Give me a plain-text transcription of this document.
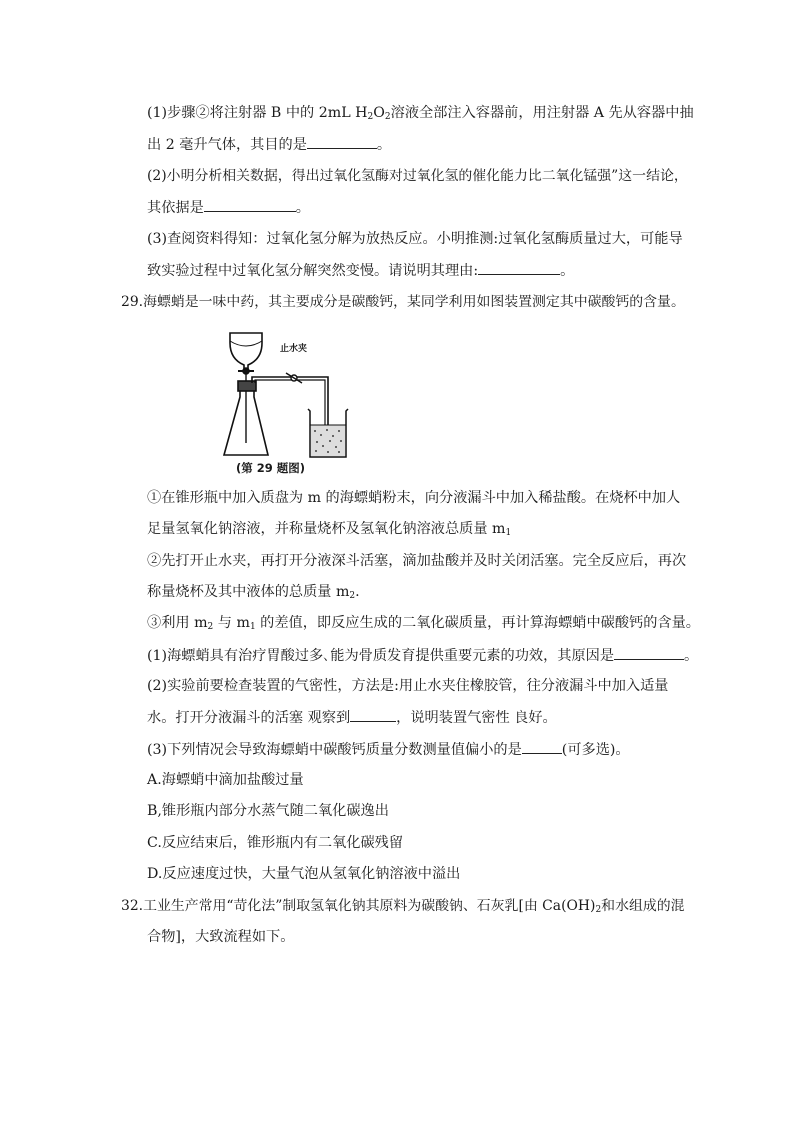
(1)步骤②将注射器 B 中的 2mL $H_2O_2$溶液全部注入容器前，用注射器 A 先从容器中抽
出 2 毫升气体，其目的是	。
(2)小明分析相关数据，得出过氧化氢酶对过氧化氢的催化能力比二氧化锰强”这一结论，
其依据是	。
(3)查阅资料得知：过氧化氢分解为放热反应。小明推测:过氧化氢酶质量过大，可能导
致实验过程中过氧化氢分解突然变慢。请说明其理由:	。
29.海螵蛸是一味中药，其主要成分是碳酸钙，某同学利用如图装置测定其中碳酸钙的含量。
止水夹
(第 29 题图)
①在锥形瓶中加入质盘为 m 的海螵蛸粉末，向分液漏斗中加入稀盐酸。在烧杯中加人
足量氢氧化钠溶液，并称量烧杯及氢氧化钠溶液总质量 $m_1$
②先打开止水夹，再打开分液深斗活塞，滴加盐酸并及时关闭活塞。完全反应后，再次
称量烧杯及其中液体的总质量 $m_2$.
③利用 $m_2$ 与 $m_1$ 的差值，即反应生成的二氧化碳质量，再计算海螵蛸中碳酸钙的含量。
(1)海螵蛸具有治疗胃酸过多､能为骨质发育提供重要元素的功效，其原因是	。
(2)实验前要检查装置的气密性，方法是:用止水夹住橡胶管，往分液漏斗中加入适量
水。打开分液漏斗的活塞 观察到	，说明装置气密性 良好。
(3)下列情况会导致海螵蛸中碳酸钙质量分数测量值偏小的是	(可多选)。
A.海螵蛸中滴加盐酸过量
B,锥形瓶内部分水蒸气随二氧化碳逸出
C.反应结束后，锥形瓶内有二氧化碳残留
D.反应速度过快，大量气泡从氢氧化钠溶液中溢出
32.工业生产常用“苛化法”制取氢氧化钠其原料为碳酸钠、石灰乳[由 $Ca(OH)_2$和水组成的混
合物]，大致流程如下。
